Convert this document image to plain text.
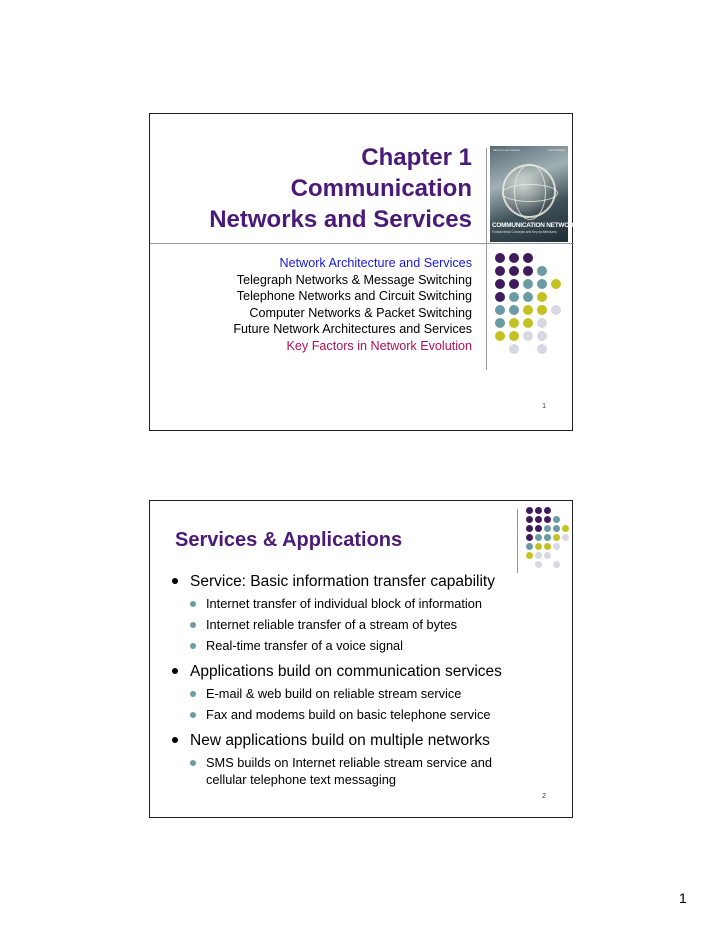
Chapter 1
Communication
Networks and Services
Alberto Leon-Garcia	Indra Widjaja
COMMUNICATION NETWORKS
Fundamental Concepts and Key Architectures
Network Architecture and Services
Telegraph Networks & Message Switching
Telephone Networks and Circuit Switching
Computer Networks & Packet Switching
Future Network Architectures and Services
Key Factors in Network Evolution
1
Services & Applications
Service: Basic information transfer capability
Internet transfer of individual block of information
Internet reliable transfer of a stream of bytes
Real-time transfer of a voice signal
Applications build on communication services
E-mail & web build on reliable stream service
Fax and modems build on basic telephone service
New applications build on multiple networks
SMS builds on Internet reliable stream service and cellular telephone text messaging
2
1
